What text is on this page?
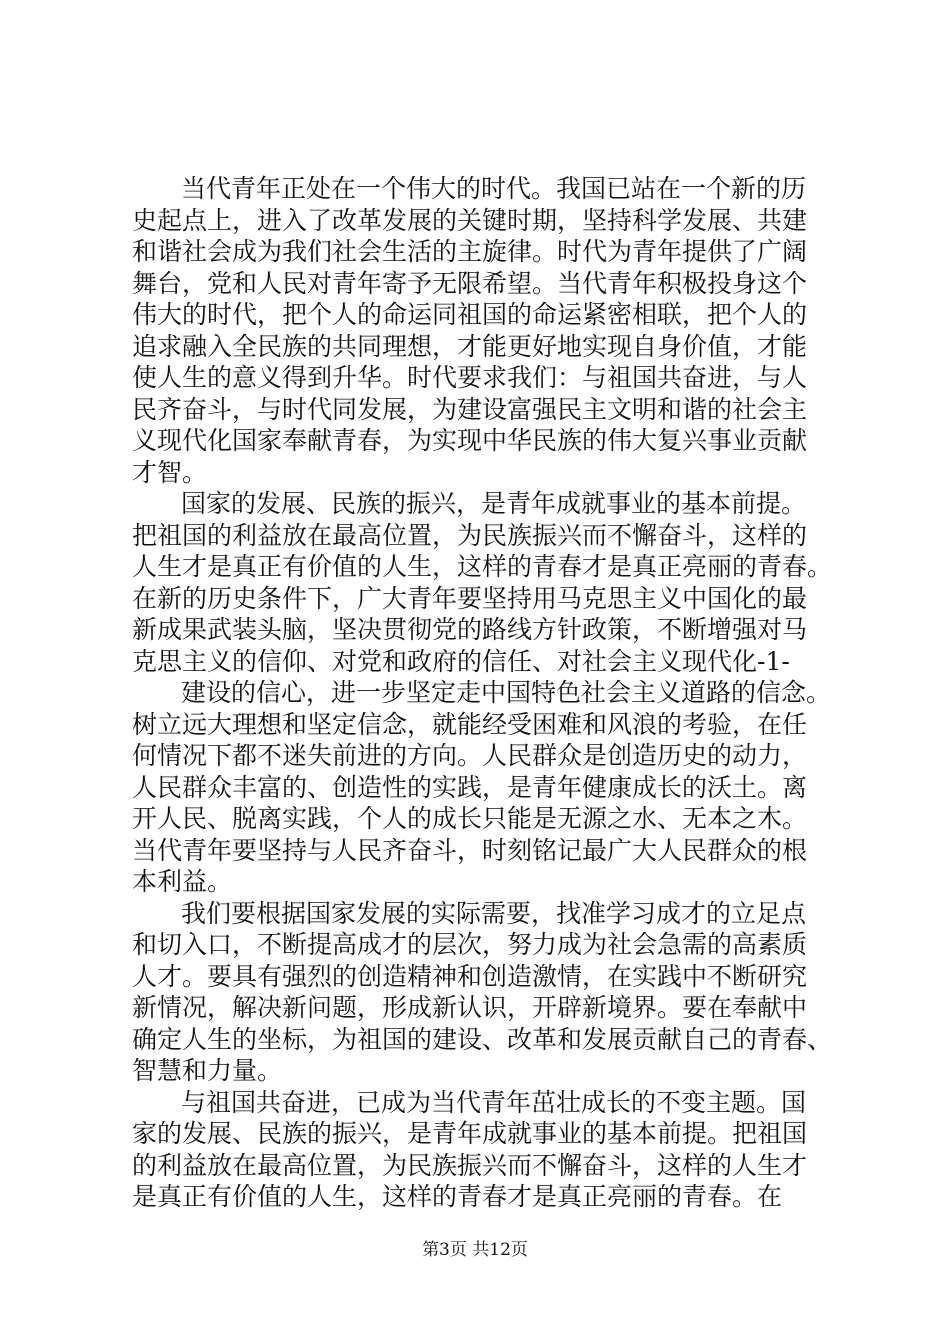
当代青年正处在一个伟大的时代。我国已站在一个新的历
史起点上，进入了改革发展的关键时期，坚持科学发展、共建
和谐社会成为我们社会生活的主旋律。时代为青年提供了广阔
舞台，党和人民对青年寄予无限希望。当代青年积极投身这个
伟大的时代，把个人的命运同祖国的命运紧密相联，把个人的
追求融入全民族的共同理想，才能更好地实现自身价值，才能
使人生的意义得到升华。时代要求我们：与祖国共奋进，与人
民齐奋斗，与时代同发展，为建设富强民主文明和谐的社会主
义现代化国家奉献青春，为实现中华民族的伟大复兴事业贡献
才智。
国家的发展、民族的振兴，是青年成就事业的基本前提。
把祖国的利益放在最高位置，为民族振兴而不懈奋斗，这样的
人生才是真正有价值的人生，这样的青春才是真正亮丽的青春。
在新的历史条件下，广大青年要坚持用马克思主义中国化的最
新成果武装头脑，坚决贯彻党的路线方针政策，不断增强对马
克思主义的信仰、对党和政府的信任、对社会主义现代化-1-
建设的信心，进一步坚定走中国特色社会主义道路的信念。
树立远大理想和坚定信念，就能经受困难和风浪的考验，在任
何情况下都不迷失前进的方向。人民群众是创造历史的动力，
人民群众丰富的、创造性的实践，是青年健康成长的沃土。离
开人民、脱离实践，个人的成长只能是无源之水、无本之木。
当代青年要坚持与人民齐奋斗，时刻铭记最广大人民群众的根
本利益。
我们要根据国家发展的实际需要，找准学习成才的立足点
和切入口，不断提高成才的层次，努力成为社会急需的高素质
人才。要具有强烈的创造精神和创造激情，在实践中不断研究
新情况，解决新问题，形成新认识，开辟新境界。要在奉献中
确定人生的坐标，为祖国的建设、改革和发展贡献自己的青春、
智慧和力量。
与祖国共奋进，已成为当代青年茁壮成长的不变主题。国
家的发展、民族的振兴，是青年成就事业的基本前提。把祖国
的利益放在最高位置，为民族振兴而不懈奋斗，这样的人生才
是真正有价值的人生，这样的青春才是真正亮丽的青春。在
第3页 共12页
